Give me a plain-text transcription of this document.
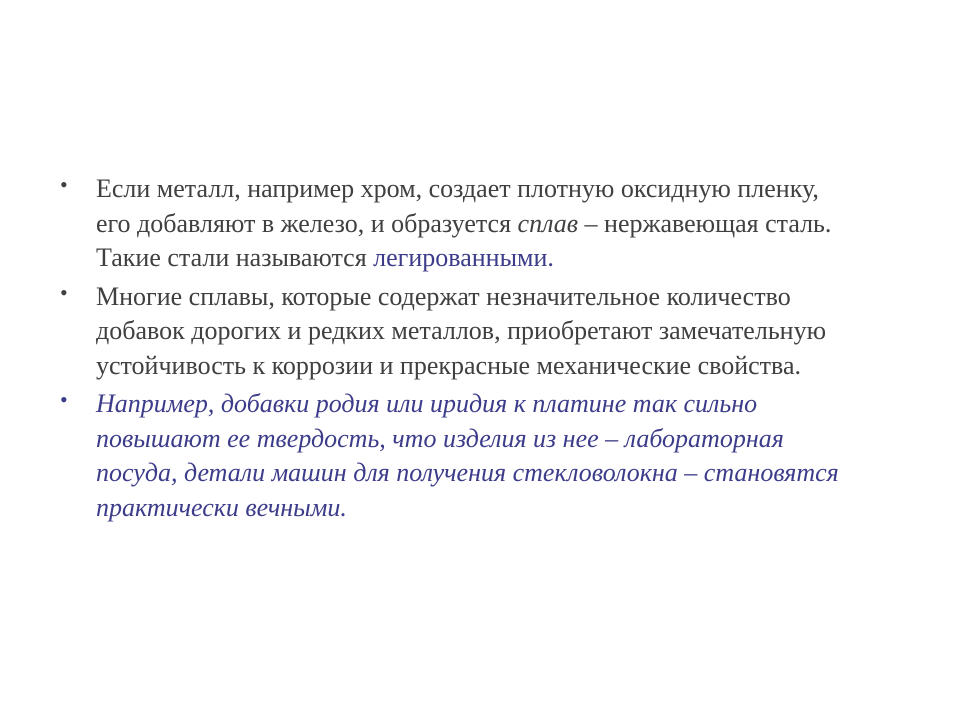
• Если металл, например хром, создает плотную оксидную пленку, его добавляют в железо, и образуется сплав – нержавеющая сталь. Такие стали называются легированными.
• Многие сплавы, которые содержат незначительное количество добавок дорогих и редких металлов, приобретают замечательную устойчивость к коррозии и прекрасные механические свойства.
• Например, добавки родия или иридия к платине так сильно повышают ее твердость, что изделия из нее – лабораторная посуда, детали машин для получения стекловолокна – становятся практически вечными.
